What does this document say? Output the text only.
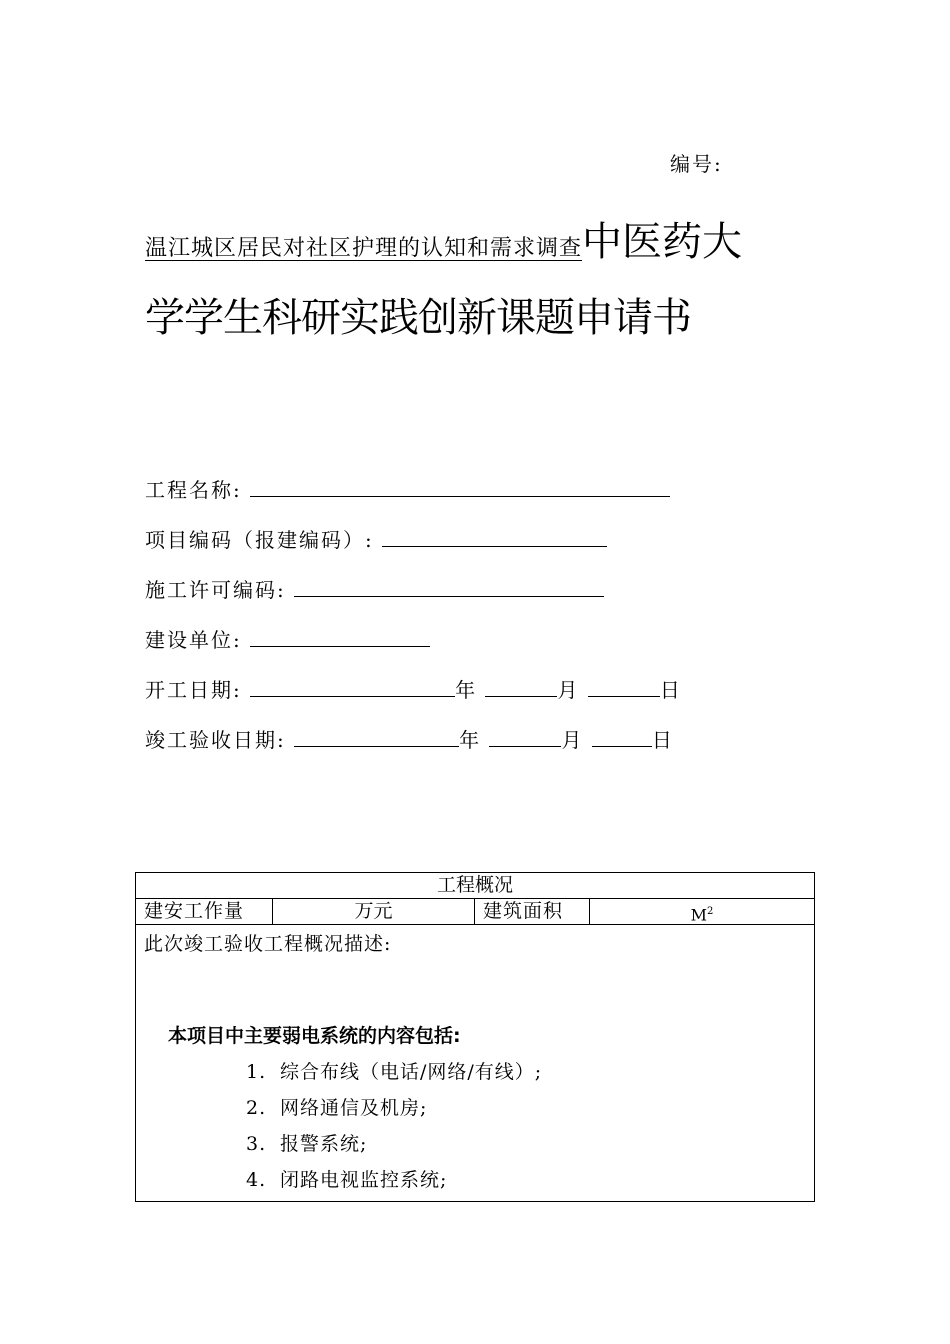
编号:
温江城区居民对社区护理的认知和需求调查中医药大
学学生科研实践创新课题申请书
工程名称:
项目编码（报建编码）:
施工许可编码:
建设单位:
开工日期:	年	月	日
竣工验收日期:	年	月	日
工程概况
建安工作量	万元	建筑面积	$M^2$
此次竣工验收工程概况描述:
本项目中主要弱电系统的内容包括:
1. 综合布线（电话/网络/有线）;
2. 网络通信及机房;
3. 报警系统;
4. 闭路电视监控系统;
